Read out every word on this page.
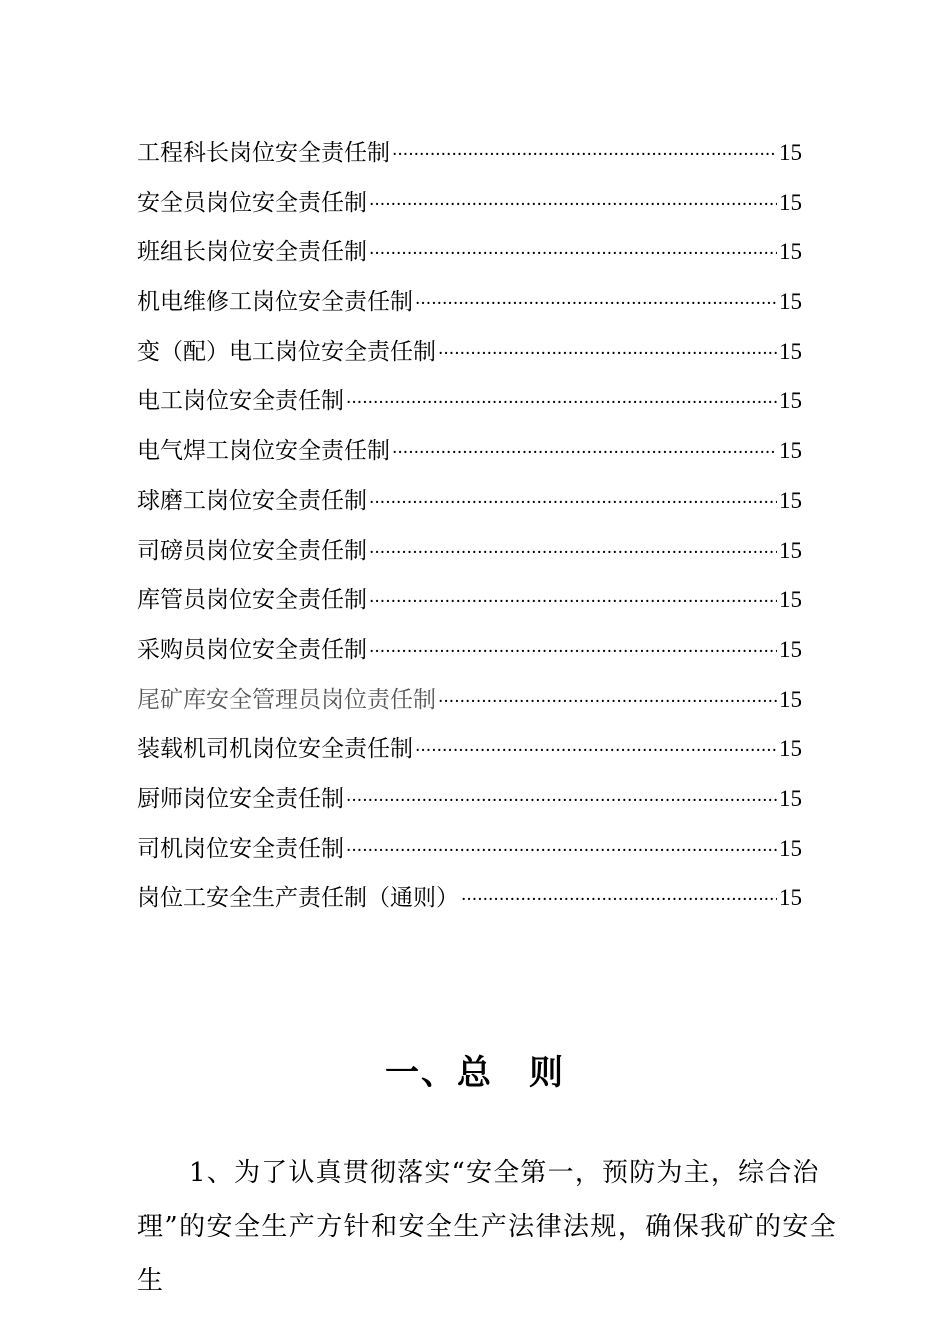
工程科长岗位安全责任制 ·····	15
安全员岗位安全责任制 ·····	15
班组长岗位安全责任制 ·····	15
机电维修工岗位安全责任制 ·····	15
变（配）电工岗位安全责任制 ·····	15
电工岗位安全责任制 ·····	15
电气焊工岗位安全责任制 ·····	15
球磨工岗位安全责任制 ·····	15
司磅员岗位安全责任制 ·····	15
库管员岗位安全责任制 ·····	15
采购员岗位安全责任制 ·····	15
尾矿库安全管理员岗位责任制 ·····	15
装载机司机岗位安全责任制 ·····	15
厨师岗位安全责任制 ·····	15
司机岗位安全责任制 ·····	15
岗位工安全生产责任制（通则） ·····	15
一、总　则

1、为了认真贯彻落实“安全第一，预防为主，综合治
理”的安全生产方针和安全生产法律法规，确保我矿的安全生
